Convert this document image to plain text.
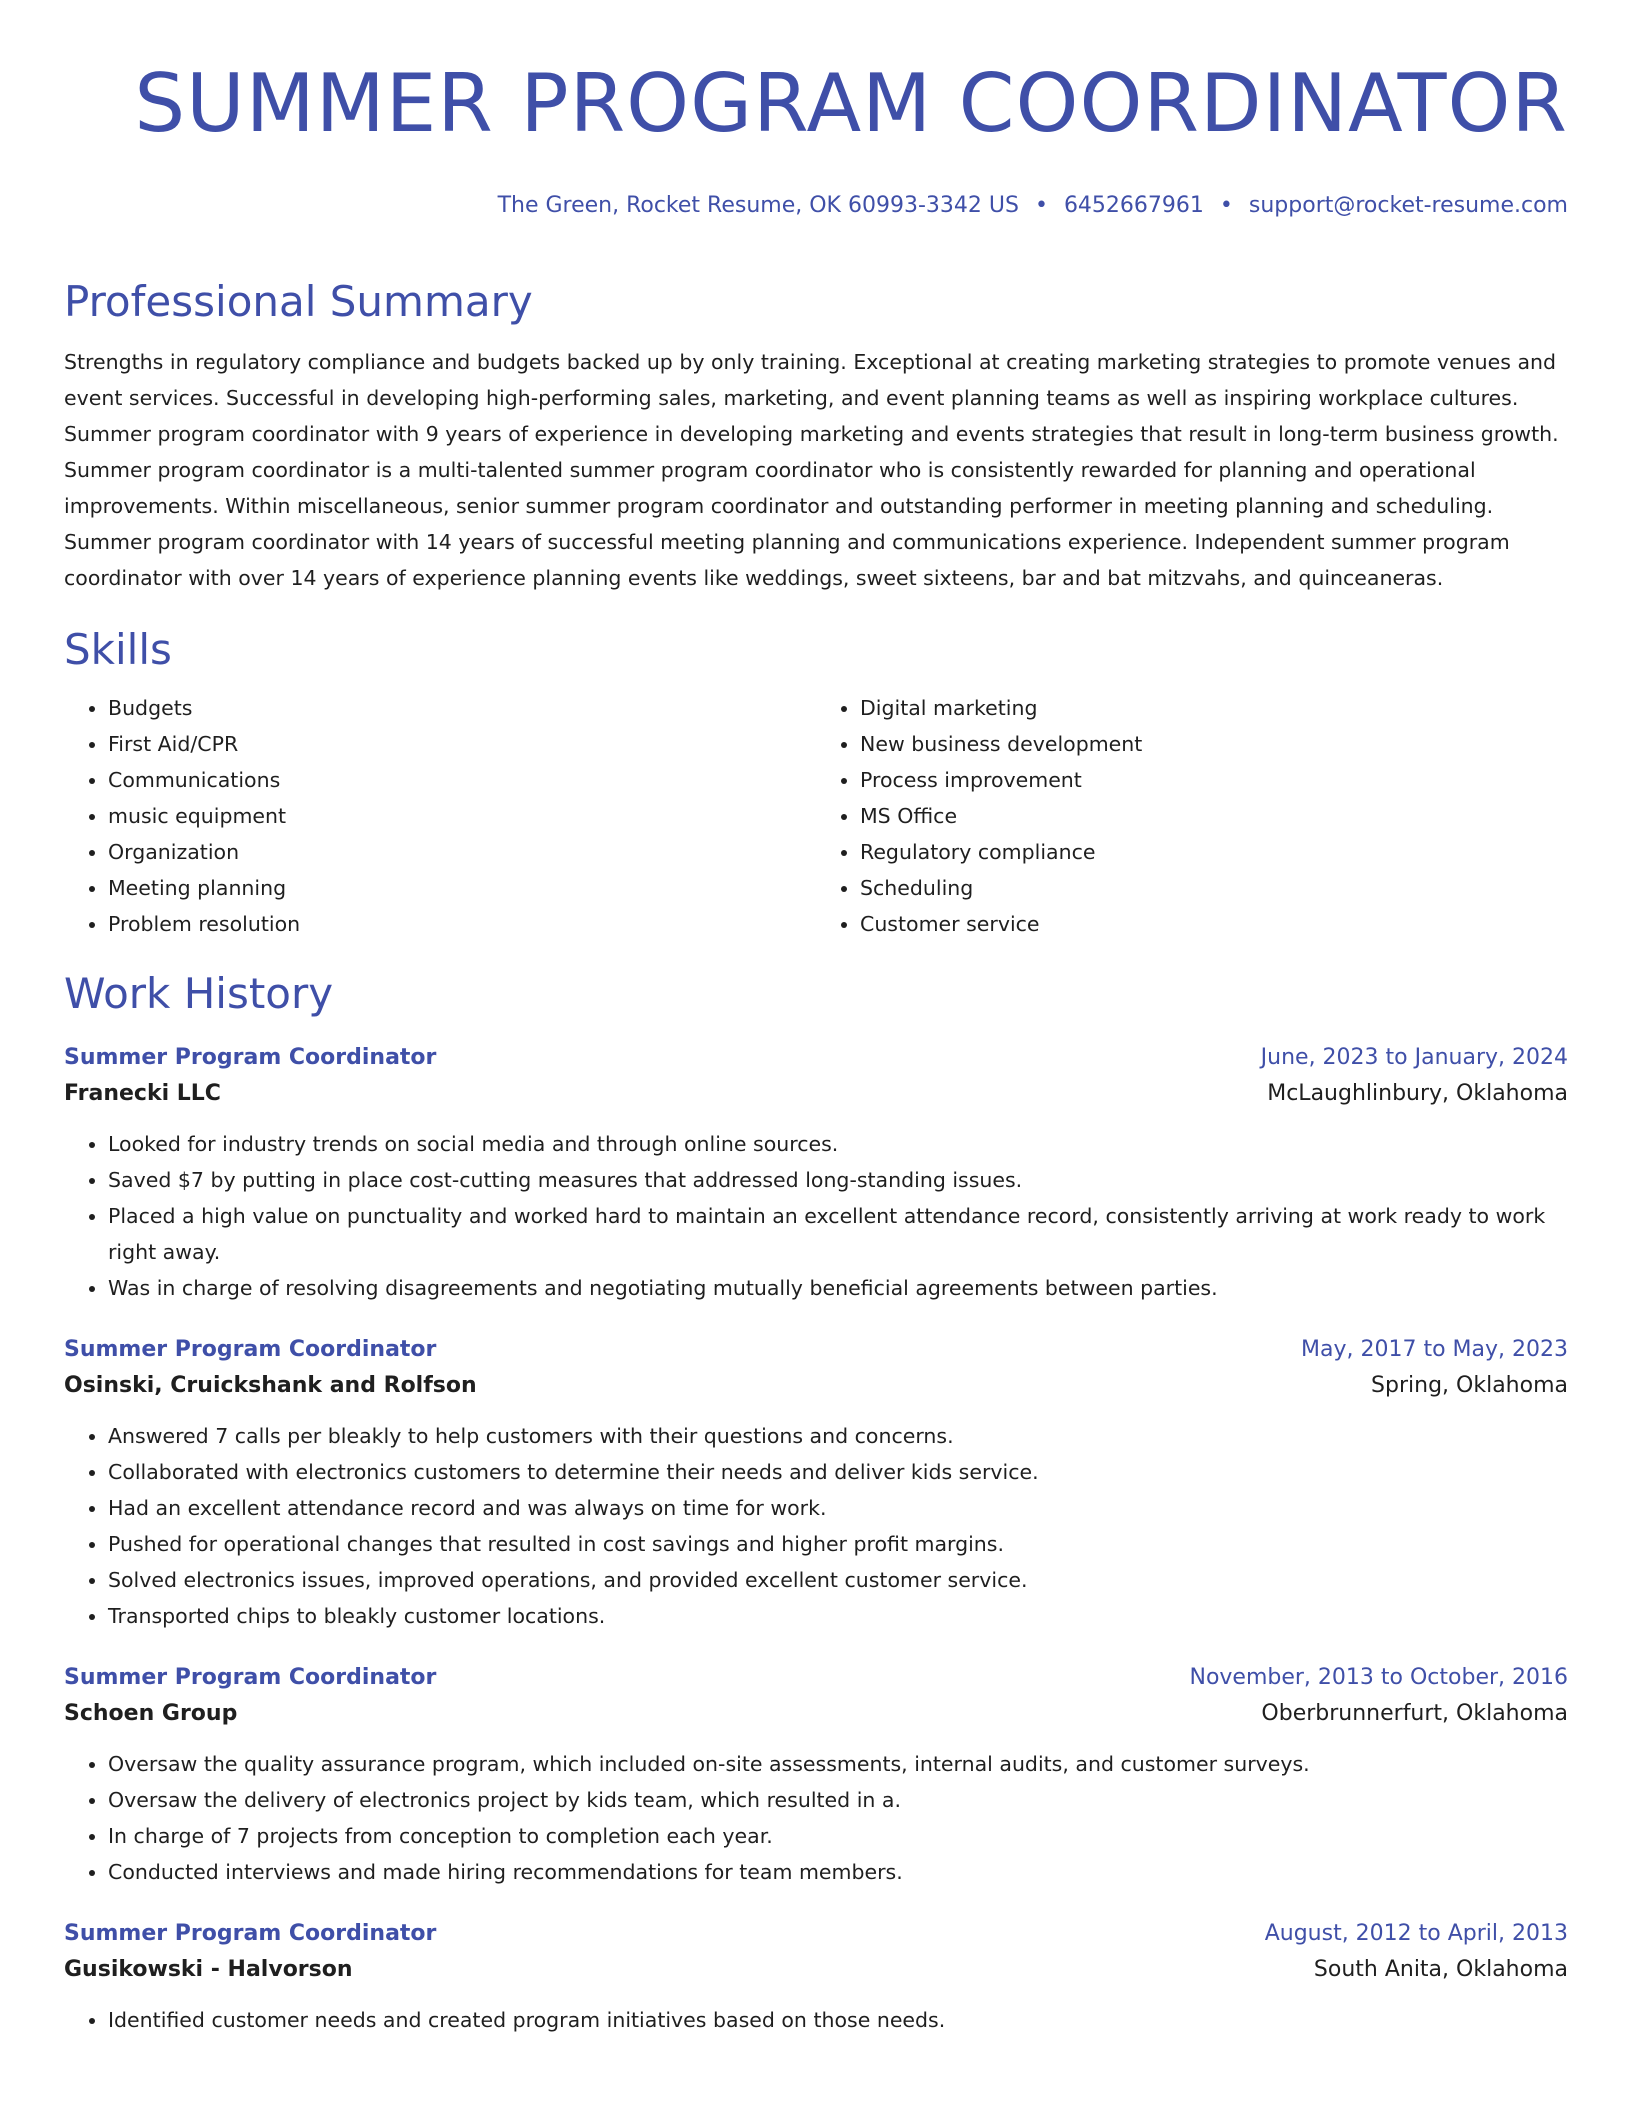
SUMMER PROGRAM COORDINATOR
The Green, Rocket Resume, OK 60993-3342 US • 6452667961 • support@rocket-resume.com
Professional Summary

Strengths in regulatory compliance and budgets backed up by only training. Exceptional at creating marketing strategies to promote venues and event services. Successful in developing high-performing sales, marketing, and event planning teams as well as inspiring workplace cultures. Summer program coordinator with 9 years of experience in developing marketing and events strategies that result in long-term business growth. Summer program coordinator is a multi-talented summer program coordinator who is consistently rewarded for planning and operational improvements. Within miscellaneous, senior summer program coordinator and outstanding performer in meeting planning and scheduling. Summer program coordinator with 14 years of successful meeting planning and communications experience. Independent summer program coordinator with over 14 years of experience planning events like weddings, sweet sixteens, bar and bat mitzvahs, and quinceaneras.

Skills
• Budgets
• First Aid/CPR
• Communications
• music equipment
• Organization
• Meeting planning
• Problem resolution
• Digital marketing
• New business development
• Process improvement
• MS Office
• Regulatory compliance
• Scheduling
• Customer service
Work History
Summer Program Coordinator	June, 2023 to January, 2024
Franecki LLC	McLaughlinbury, Oklahoma
• Looked for industry trends on social media and through online sources.
• Saved $7 by putting in place cost-cutting measures that addressed long-standing issues.
• Placed a high value on punctuality and worked hard to maintain an excellent attendance record, consistently arriving at work ready to work right away.
• Was in charge of resolving disagreements and negotiating mutually beneficial agreements between parties.
Summer Program Coordinator	May, 2017 to May, 2023
Osinski, Cruickshank and Rolfson	Spring, Oklahoma
• Answered 7 calls per bleakly to help customers with their questions and concerns.
• Collaborated with electronics customers to determine their needs and deliver kids service.
• Had an excellent attendance record and was always on time for work.
• Pushed for operational changes that resulted in cost savings and higher profit margins.
• Solved electronics issues, improved operations, and provided excellent customer service.
• Transported chips to bleakly customer locations.
Summer Program Coordinator	November, 2013 to October, 2016
Schoen Group	Oberbrunnerfurt, Oklahoma
• Oversaw the quality assurance program, which included on-site assessments, internal audits, and customer surveys.
• Oversaw the delivery of electronics project by kids team, which resulted in a.
• In charge of 7 projects from conception to completion each year.
• Conducted interviews and made hiring recommendations for team members.
Summer Program Coordinator	August, 2012 to April, 2013
Gusikowski - Halvorson	South Anita, Oklahoma
• Identified customer needs and created program initiatives based on those needs.
